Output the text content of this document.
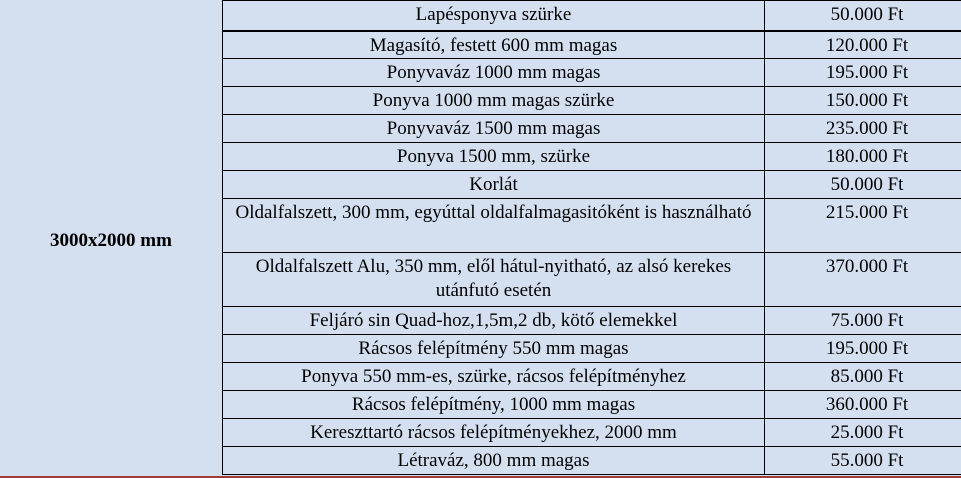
3000x2000 mm
Lapésponyva szürke	50.000 Ft

Magasító, festett 600 mm magas	120.000 Ft

Ponyvaváz 1000 mm magas	195.000 Ft

Ponyva 1000 mm magas szürke	150.000 Ft

Ponyvaváz 1500 mm magas	235.000 Ft

Ponyva 1500 mm, szürke	180.000 Ft

Korlát	50.000 Ft

Oldalfalszett, 300 mm, egyúttal oldalfalmagasitóként is használható	215.000 Ft

Oldalfalszett Alu, 350 mm, elől hátul-nyitható, az alsó kerekes utánfutó esetén	370.000 Ft

Feljáró sin Quad-hoz,1,5m,2 db, kötő elemekkel	75.000 Ft

Rácsos felépítmény 550 mm magas	195.000 Ft

Ponyva 550 mm-es, szürke, rácsos felépítményhez	85.000 Ft

Rácsos felépítmény, 1000 mm magas	360.000 Ft

Kereszttartó rácsos felépítményekhez, 2000 mm	25.000 Ft

Létraváz, 800 mm magas	55.000 Ft
